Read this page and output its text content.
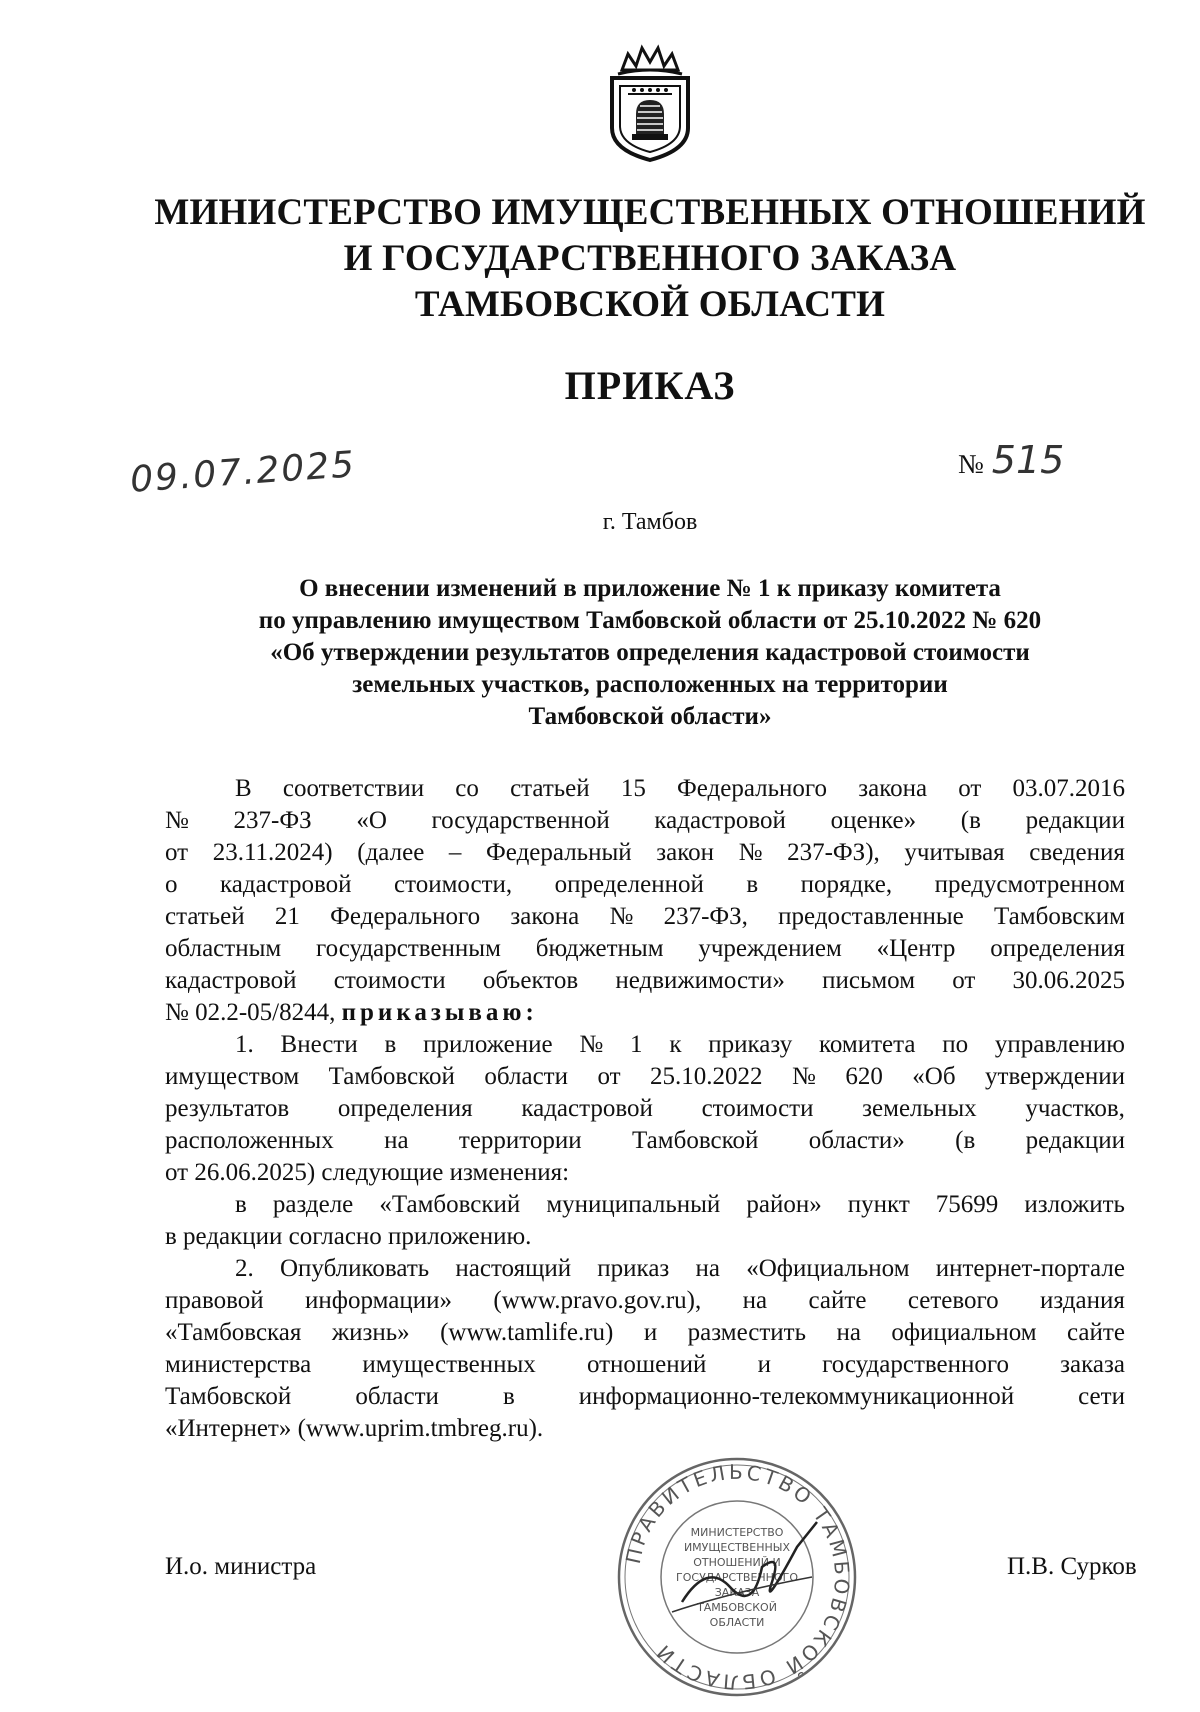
МИНИСТЕРСТВО ИМУЩЕСТВЕННЫХ ОТНОШЕНИЙ
И ГОСУДАРСТВЕННОГО ЗАКАЗА
ТАМБОВСКОЙ ОБЛАСТИ
ПРИКАЗ
09.07.2025	№ 515
г. Тамбов
О внесении изменений в приложение № 1 к приказу комитета
по управлению имуществом Тамбовской области от 25.10.2022 № 620
«Об утверждении результатов определения кадастровой стоимости
земельных участков, расположенных на территории
Тамбовской области»
В соответствии со статьей 15 Федерального закона от 03.07.2016
№ 237-ФЗ «О государственной кадастровой оценке» (в редакции
от 23.11.2024) (далее – Федеральный закон № 237-ФЗ), учитывая сведения
о кадастровой стоимости, определенной в порядке, предусмотренном
статьей 21 Федерального закона № 237-ФЗ, предоставленные Тамбовским
областным государственным бюджетным учреждением «Центр определения
кадастровой стоимости объектов недвижимости» письмом от 30.06.2025
№ 02.2-05/8244,
приказываю:
1. Внести в приложение № 1 к приказу комитета по управлению
имуществом Тамбовской области от 25.10.2022 № 620 «Об утверждении
результатов определения кадастровой стоимости земельных участков,
расположенных на территории Тамбовской области» (в редакции
от 26.06.2025) следующие изменения:
в разделе «Тамбовский муниципальный район» пункт 75699 изложить
в редакции согласно приложению.
2. Опубликовать настоящий приказ на «Официальном интернет-портале
правовой информации» (www.pravo.gov.ru), на сайте сетевого издания
«Тамбовская жизнь» (www.tamlife.ru) и разместить на официальном сайте
министерства имущественных отношений и государственного заказа
Тамбовской	области	в	информационно-телекоммуникационной	сети
«Интернет» (www.uprim.tmbreg.ru).
ПРАВИТЕЛЬСТВО ТАМБОВСКОЙ ОБЛАСТИ
МИНИСТЕРСТВО
ИМУЩЕСТВЕННЫХ
ОТНОШЕНИЙ И
ГОСУДАРСТВЕННОГО
ЗАКАЗА
ТАМБОВСКОЙ
ОБЛАСТИ
И.о. министра	П.В. Сурков
